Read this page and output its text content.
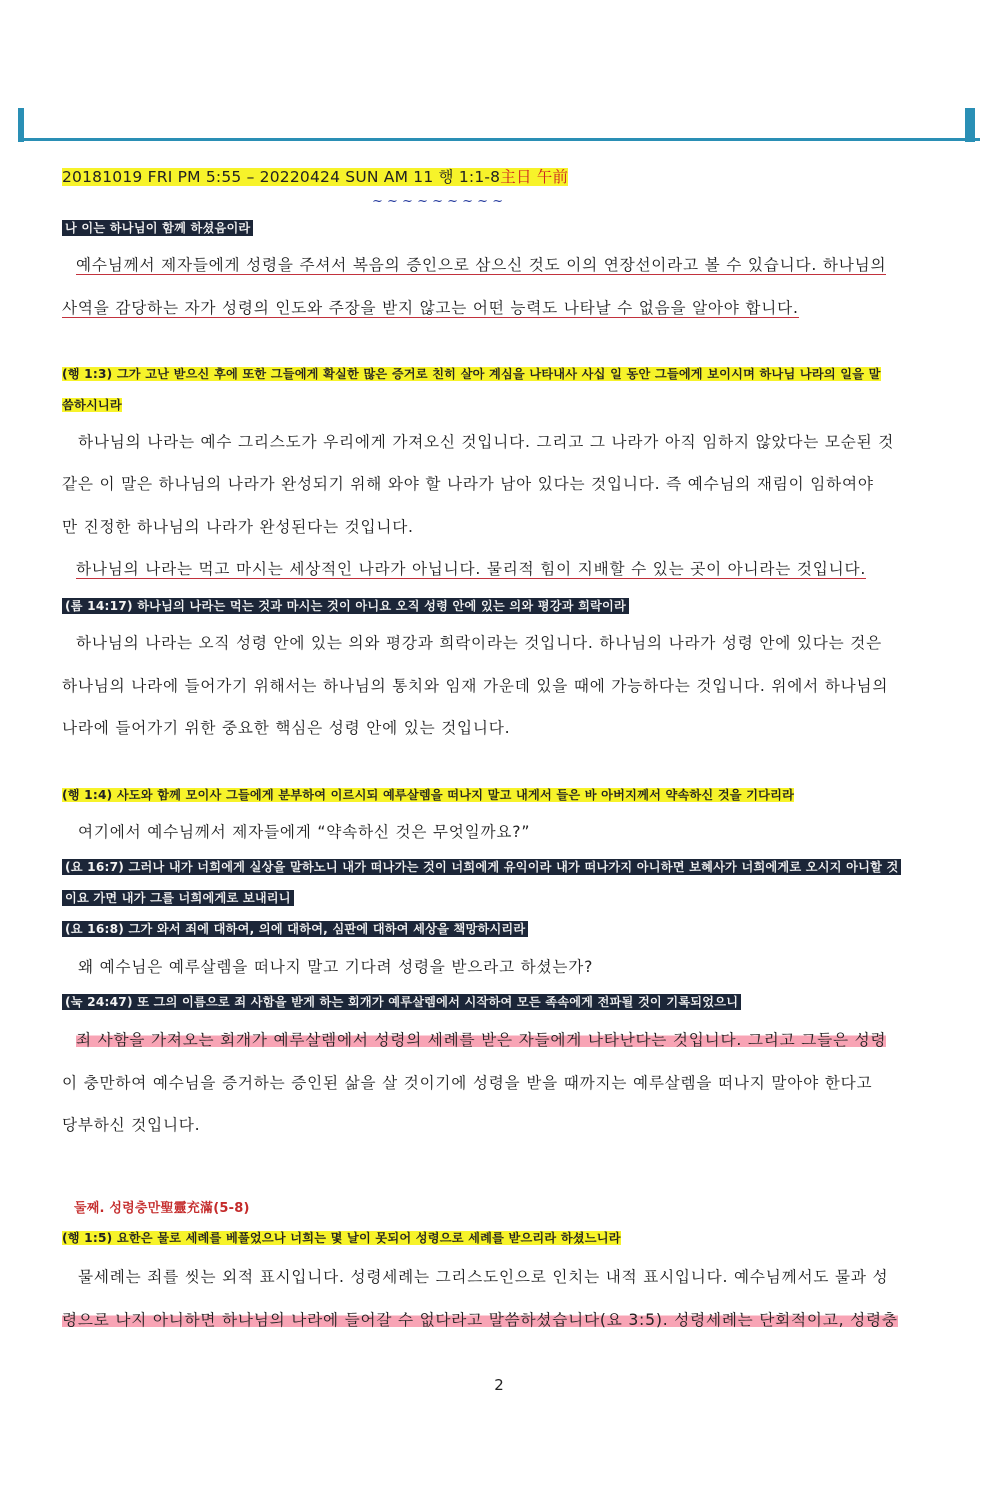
20181019 FRI PM 5:55 – 20220424 SUN AM 11 행 1:1-8主日 午前
~ ~ ~ ~ ~ ~ ~ ~ ~
나 이는 하나님이 함께 하셨음이라
예수님께서 제자들에게 성령을 주셔서 복음의 증인으로 삼으신 것도 이의 연장선이라고 볼 수 있습니다. 하나님의
사역을 감당하는 자가 성령의 인도와 주장을 받지 않고는 어떤 능력도 나타날 수 없음을 알아야 합니다.
(행 1:3) 그가 고난 받으신 후에 또한 그들에게 확실한 많은 증거로 친히 살아 계심을 나타내사 사십 일 동안 그들에게 보이시며 하나님 나라의 일을 말
씀하시니라
하나님의 나라는 예수 그리스도가 우리에게 가져오신 것입니다. 그리고 그 나라가 아직 임하지 않았다는 모순된 것
같은 이 말은 하나님의 나라가 완성되기 위해 와야 할 나라가 남아 있다는 것입니다. 즉 예수님의 재림이 임하여야
만 진정한 하나님의 나라가 완성된다는 것입니다.
하나님의 나라는 먹고 마시는 세상적인 나라가 아닙니다. 물리적 힘이 지배할 수 있는 곳이 아니라는 것입니다.
(롬 14:17) 하나님의 나라는 먹는 것과 마시는 것이 아니요 오직 성령 안에 있는 의와 평강과 희락이라
하나님의 나라는 오직 성령 안에 있는 의와 평강과 희락이라는 것입니다. 하나님의 나라가 성령 안에 있다는 것은
하나님의 나라에 들어가기 위해서는 하나님의 통치와 임재 가운데 있을 때에 가능하다는 것입니다. 위에서 하나님의
나라에 들어가기 위한 중요한 핵심은 성령 안에 있는 것입니다.
(행 1:4) 사도와 함께 모이사 그들에게 분부하여 이르시되 예루살렘을 떠나지 말고 내게서 들은 바 아버지께서 약속하신 것을 기다리라
여기에서 예수님께서 제자들에게 “약속하신 것은 무엇일까요?”
(요 16:7) 그러나 내가 너희에게 실상을 말하노니 내가 떠나가는 것이 너희에게 유익이라 내가 떠나가지 아니하면 보혜사가 너희에게로 오시지 아니할 것
이요 가면 내가 그를 너희에게로 보내리니
(요 16:8) 그가 와서 죄에 대하여, 의에 대하여, 심판에 대하여 세상을 책망하시리라
왜 예수님은 예루살렘을 떠나지 말고 기다려 성령을 받으라고 하셨는가?
(눅 24:47) 또 그의 이름으로 죄 사함을 받게 하는 회개가 예루살렘에서 시작하여 모든 족속에게 전파될 것이 기록되었으니
죄 사함을 가져오는 회개가 예루살렘에서 성령의 세례를 받은 자들에게 나타난다는 것입니다. 그리고 그들은 성령
이 충만하여 예수님을 증거하는 증인된 삶을 살 것이기에 성령을 받을 때까지는 예루살렘을 떠나지 말아야 한다고
당부하신 것입니다.
둘째. 성령충만聖靈充滿(5-8)
(행 1:5) 요한은 물로 세례를 베풀었으나 너희는 몇 날이 못되어 성령으로 세례를 받으리라 하셨느니라
물세례는 죄를 씻는 외적 표시입니다. 성령세례는 그리스도인으로 인치는 내적 표시입니다. 예수님께서도 물과 성
령으로 나지 아니하면 하나님의 나라에 들어갈 수 없다라고 말씀하셨습니다(요 3:5). 성령세례는 단회적이고, 성령충
2
